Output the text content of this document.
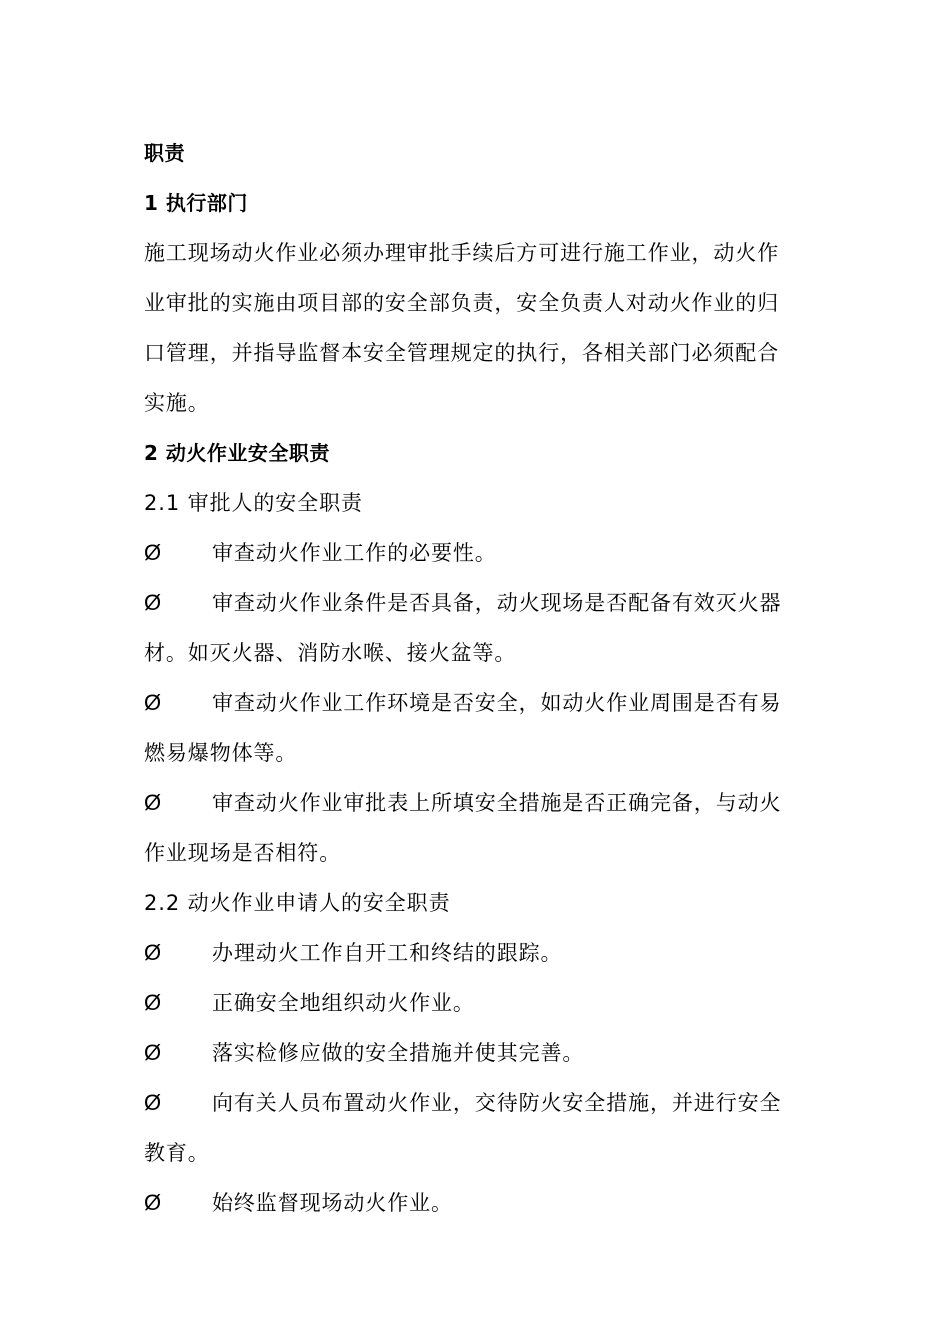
职责
1 执行部门
施工现场动火作业必须办理审批手续后方可进行施工作业，动火作
业审批的实施由项目部的安全部负责，安全负责人对动火作业的归
口管理，并指导监督本安全管理规定的执行，各相关部门必须配合
实施。
2 动火作业安全职责
2.1 审批人的安全职责
Ø	审查动火作业工作的必要性。
Ø	审查动火作业条件是否具备，动火现场是否配备有效灭火器
材。如灭火器、消防水喉、接火盆等。
Ø	审查动火作业工作环境是否安全，如动火作业周围是否有易
燃易爆物体等。
Ø	审查动火作业审批表上所填安全措施是否正确完备，与动火
作业现场是否相符。
2.2 动火作业申请人的安全职责
Ø	办理动火工作自开工和终结的跟踪。
Ø	正确安全地组织动火作业。
Ø	落实检修应做的安全措施并使其完善。
Ø	向有关人员布置动火作业，交待防火安全措施，并进行安全
教育。
Ø	始终监督现场动火作业。
